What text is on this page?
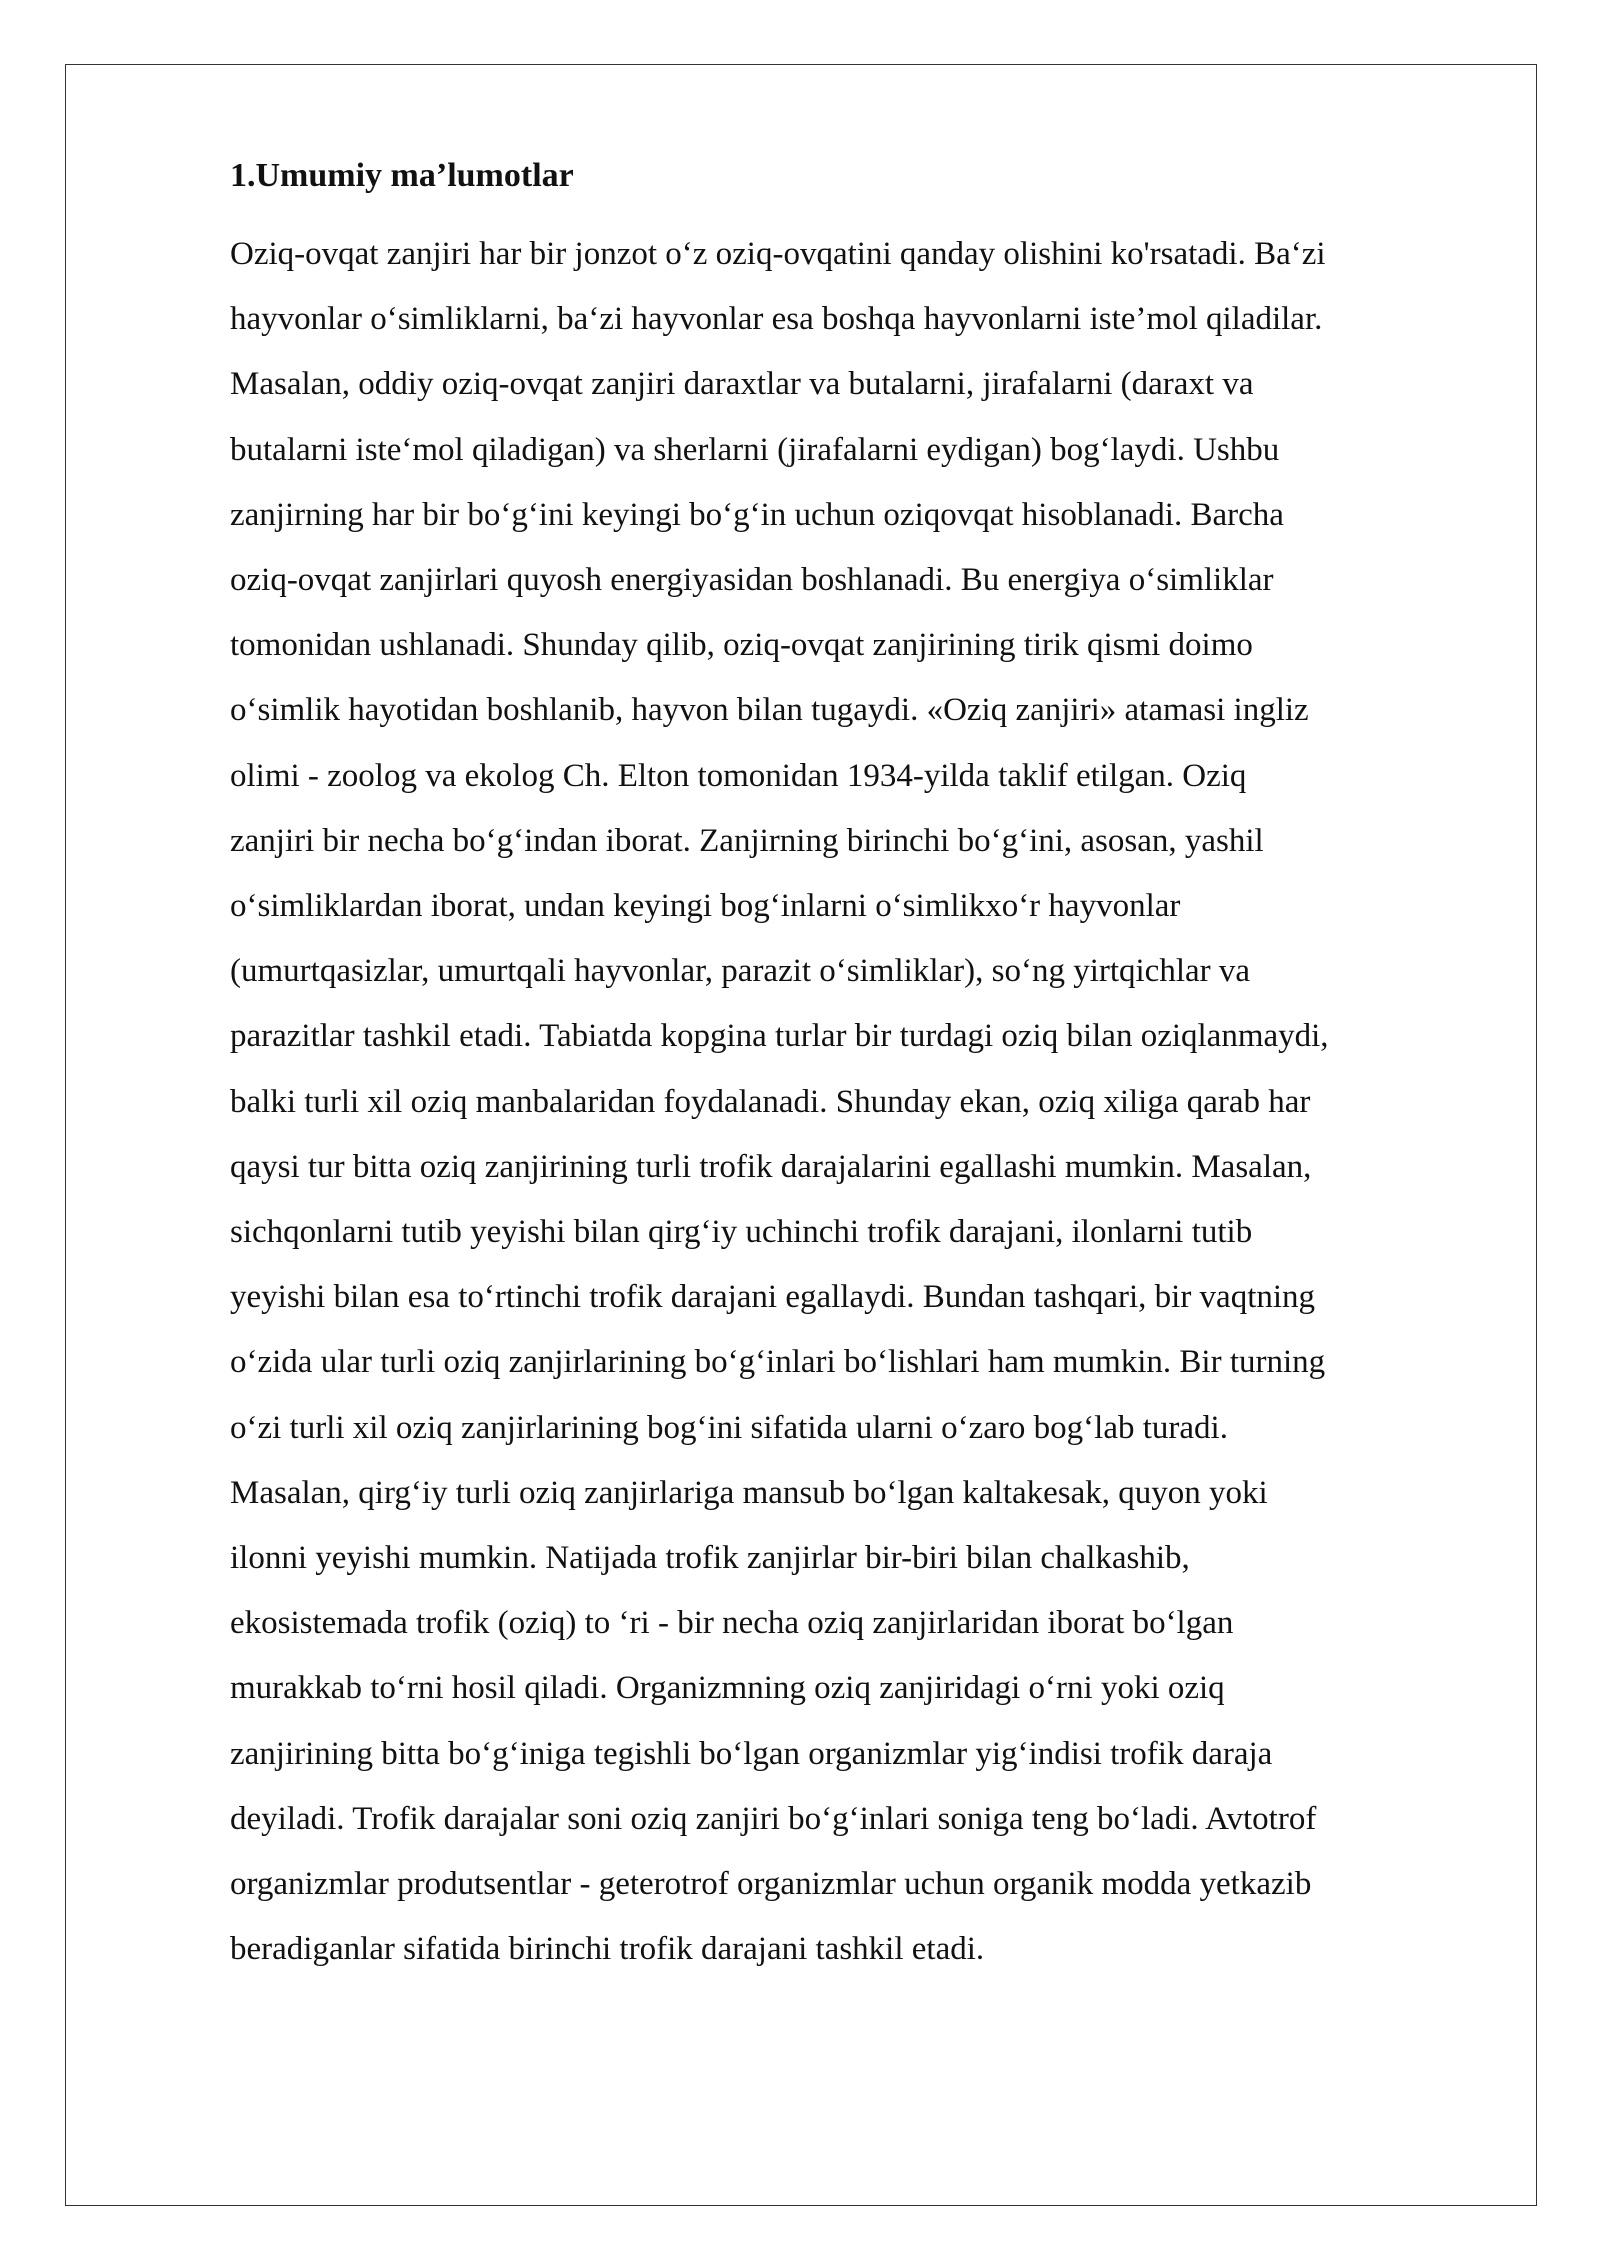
1.Umumiy ma’lumotlar

Oziq-ovqat zanjiri har bir jonzot oʻz oziq-ovqatini qanday olishini ko'rsatadi. Baʻzi
hayvonlar oʻsimliklarni, baʻzi hayvonlar esa boshqa hayvonlarni iste’mol qiladilar.
Masalan, oddiy oziq-ovqat zanjiri daraxtlar va butalarni, jirafalarni (daraxt va
butalarni isteʻmol qiladigan) va sherlarni (jirafalarni eydigan) bogʻlaydi. Ushbu
zanjirning har bir boʻgʻini keyingi boʻgʻin uchun oziqovqat hisoblanadi. Barcha
oziq-ovqat zanjirlari quyosh energiyasidan boshlanadi. Bu energiya oʻsimliklar
tomonidan ushlanadi. Shunday qilib, oziq-ovqat zanjirining tirik qismi doimo
oʻsimlik hayotidan boshlanib, hayvon bilan tugaydi. «Oziq zanjiri» atamasi ingliz
olimi - zoolog va ekolog Ch. Elton tomonidan 1934-yilda taklif etilgan. Oziq
zanjiri bir necha boʻgʻindan iborat. Zanjirning birinchi boʻgʻini, asosan, yashil
oʻsimliklardan iborat, undan keyingi bogʻinlarni oʻsimlikxoʻr hayvonlar
(umurtqasizlar, umurtqali hayvonlar, parazit oʻsimliklar), soʻng yirtqichlar va
parazitlar tashkil etadi. Tabiatda kopgina turlar bir turdagi oziq bilan oziqlanmaydi,
balki turli xil oziq manbalaridan foydalanadi. Shunday ekan, oziq xiliga qarab har
qaysi tur bitta oziq zanjirining turli trofik darajalarini egallashi mumkin. Masalan,
sichqonlarni tutib yeyishi bilan qirgʻiy uchinchi trofik darajani, ilonlarni tutib
yeyishi bilan esa toʻrtinchi trofik darajani egallaydi. Bundan tashqari, bir vaqtning
oʻzida ular turli oziq zanjirlarining boʻgʻinlari boʻlishlari ham mumkin. Bir turning
oʻzi turli xil oziq zanjirlarining bogʻini sifatida ularni oʻzaro bogʻlab turadi.
Masalan, qirgʻiy turli oziq zanjirlariga mansub boʻlgan kaltakesak, quyon yoki
ilonni yeyishi mumkin. Natijada trofik zanjirlar bir-biri bilan chalkashib,
ekosistemada trofik (oziq) to ʻri - bir necha oziq zanjirlaridan iborat boʻlgan
murakkab toʻrni hosil qiladi. Organizmning oziq zanjiridagi oʻrni yoki oziq
zanjirining bitta boʻgʻiniga tegishli boʻlgan organizmlar yigʻindisi trofik daraja
deyiladi. Trofik darajalar soni oziq zanjiri boʻgʻinlari soniga teng boʻladi. Avtotrof
organizmlar produtsentlar - geterotrof organizmlar uchun organik modda yetkazib
beradiganlar sifatida birinchi trofik darajani tashkil etadi.
